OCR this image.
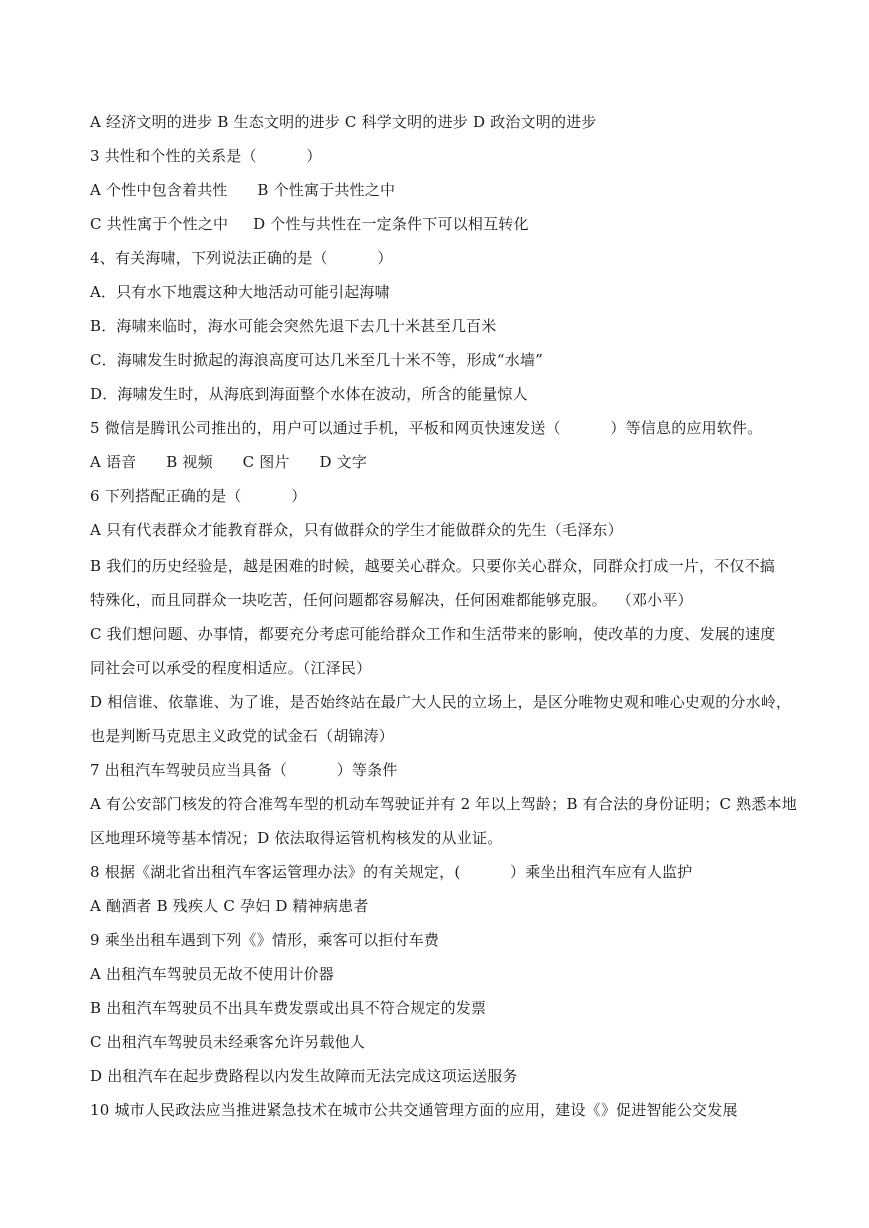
A 经济文明的进步 B 生态文明的进步 C 科学文明的进步 D 政治文明的进步
3 共性和个性的关系是（          ）
A 个性中包含着共性      B 个性寓于共性之中
C 共性寓于个性之中     D 个性与共性在一定条件下可以相互转化
4、有关海啸，下列说法正确的是（          ）
A．只有水下地震这种大地活动可能引起海啸
B．海啸来临时，海水可能会突然先退下去几十米甚至几百米
C．海啸发生时掀起的海浪高度可达几米至几十米不等，形成“水墙”
D．海啸发生时，从海底到海面整个水体在波动，所含的能量惊人
5 微信是腾讯公司推出的，用户可以通过手机，平板和网页快速发送（          ）等信息的应用软件。
A 语音      B 视频      C 图片      D 文字
6 下列搭配正确的是（          ）
A 只有代表群众才能教育群众，只有做群众的学生才能做群众的先生（毛泽东）
B 我们的历史经验是，越是困难的时候，越要关心群众。只要你关心群众，同群众打成一片，不仅不搞
特殊化，而且同群众一块吃苦，任何问题都容易解决，任何困难都能够克服。  （邓小平）
C 我们想问题、办事情，都要充分考虑可能给群众工作和生活带来的影响，使改革的力度、发展的速度
同社会可以承受的程度相适应。（江泽民）
D 相信谁、依靠谁、为了谁，是否始终站在最广大人民的立场上，是区分唯物史观和唯心史观的分水岭，
也是判断马克思主义政党的试金石（胡锦涛）
7 出租汽车驾驶员应当具备（          ）等条件
A 有公安部门核发的符合准驾车型的机动车驾驶证并有 2 年以上驾龄；B 有合法的身份证明；C 熟悉本地
区地理环境等基本情况；D 依法取得运管机构核发的从业证。
8 根据《湖北省出租汽车客运管理办法》的有关规定，(          ）乘坐出租汽车应有人监护
A 酗酒者 B 残疾人 C 孕妇 D 精神病患者
9 乘坐出租车遇到下列《》情形，乘客可以拒付车费
A 出租汽车驾驶员无故不使用计价器
B 出租汽车驾驶员不出具车费发票或出具不符合规定的发票
C 出租汽车驾驶员未经乘客允许另载他人
D 出租汽车在起步费路程以内发生故障而无法完成这项运送服务
10 城市人民政法应当推进紧急技术在城市公共交通管理方面的应用，建设《》促进智能公交发展
